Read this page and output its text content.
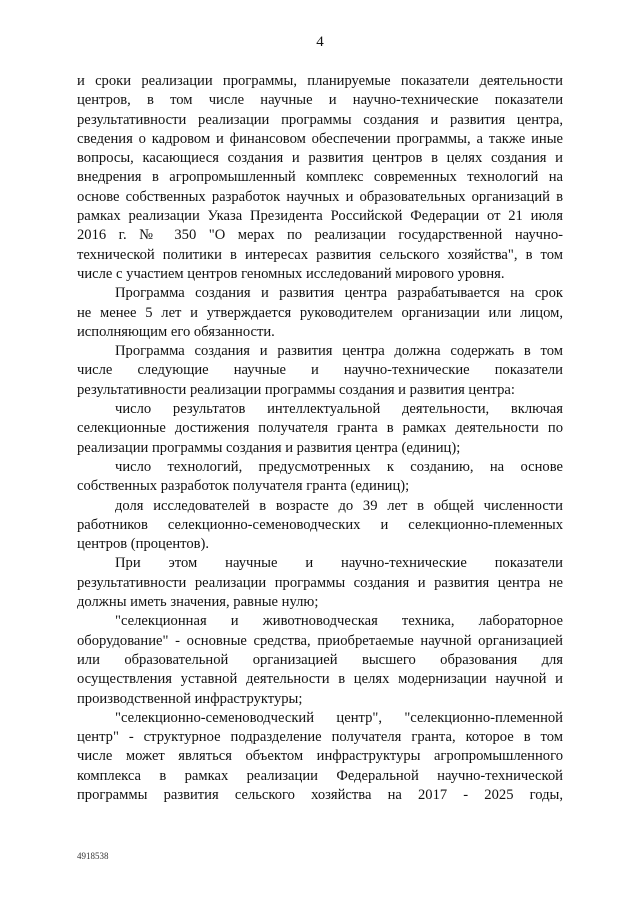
4
и сроки реализации программы, планируемые показатели деятельности
центров, в том числе научные и научно-технические показатели
результативности реализации программы создания и развития центра,
сведения о кадровом и финансовом обеспечении программы, а также иные
вопросы, касающиеся создания и развития центров в целях создания и
внедрения в агропромышленный комплекс современных технологий на
основе собственных разработок научных и образовательных организаций в
рамках реализации Указа Президента Российской Федерации от 21 июля
2016 г. № 350 "О мерах по реализации государственной научно-
технической политики в интересах развития сельского хозяйства", в том
числе с участием центров геномных исследований мирового уровня.
Программа создания и развития центра разрабатывается на срок
не менее 5 лет и утверждается руководителем организации или лицом,
исполняющим его обязанности.
Программа создания и развития центра должна содержать в том
числе следующие научные и научно-технические показатели
результативности реализации программы создания и развития центра:
число результатов интеллектуальной деятельности, включая
селекционные достижения получателя гранта в рамках деятельности по
реализации программы создания и развития центра (единиц);
число технологий, предусмотренных к созданию, на основе
собственных разработок получателя гранта (единиц);
доля исследователей в возрасте до 39 лет в общей численности
работников селекционно-семеноводческих и селекционно-племенных
центров (процентов).
При этом научные и научно-технические показатели
результативности реализации программы создания и развития центра не
должны иметь значения, равные нулю;
"селекционная и животноводческая техника, лабораторное
оборудование" - основные средства, приобретаемые научной организацией
или образовательной организацией высшего образования для
осуществления уставной деятельности в целях модернизации научной и
производственной инфраструктуры;
"селекционно-семеноводческий центр", "селекционно-племенной
центр" - структурное подразделение получателя гранта, которое в том
числе может являться объектом инфраструктуры агропромышленного
комплекса в рамках реализации Федеральной научно-технической
программы развития сельского хозяйства на 2017 - 2025 годы,
4918538
